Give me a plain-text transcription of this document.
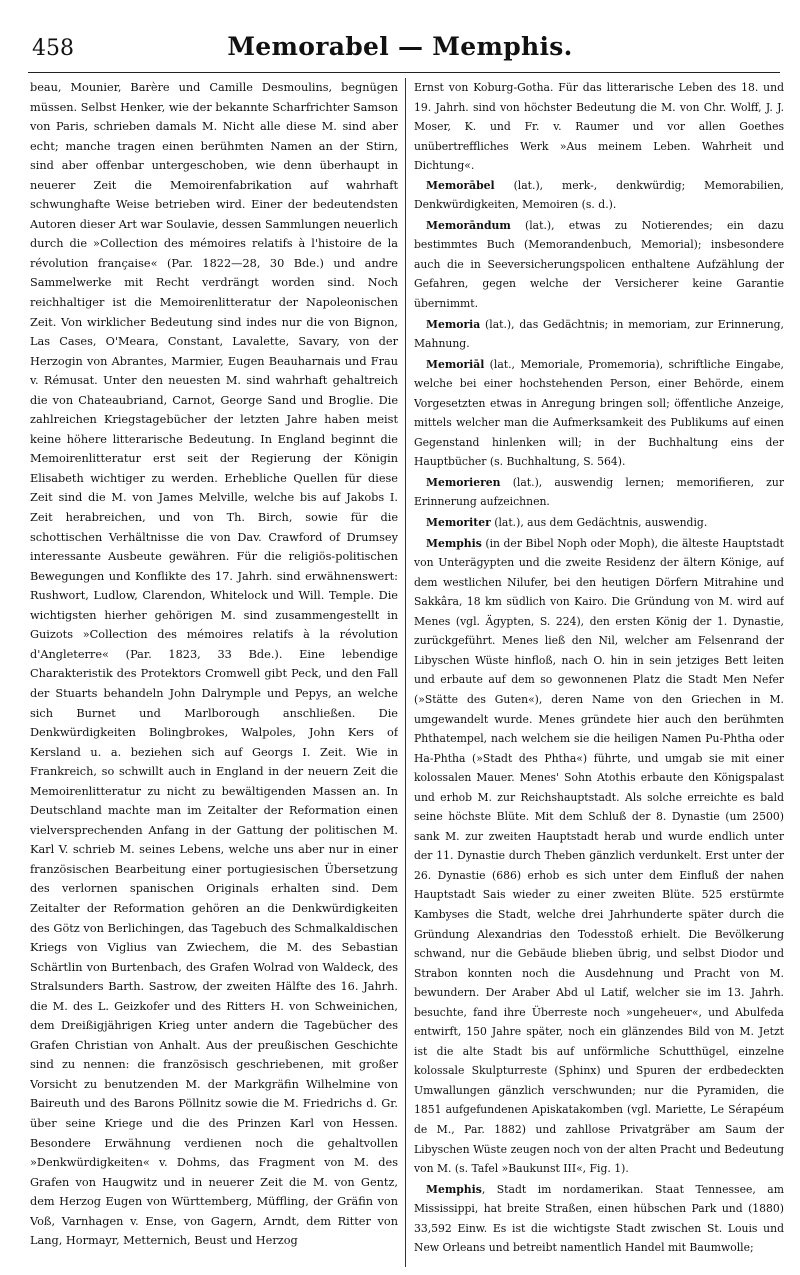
458	Memorabel — Memphis.

beau, Mounier, Barère und Camille Desmoulins, begnügen müssen. Selbst Henker, wie der bekannte Scharfrichter Samson von Paris, schrieben damals M. Nicht alle diese M. sind aber echt; manche tragen einen berühmten Namen an der Stirn, sind aber offenbar untergeschoben, wie denn überhaupt in neuerer Zeit die Memoirenfabrikation auf wahrhaft schwunghafte Weise betrieben wird. Einer der bedeutendsten Autoren dieser Art war Soulavie, dessen Sammlungen neuerlich durch die »Collection des mémoires relatifs à l'histoire de la révolution française« (Par. 1822—28, 30 Bde.) und andre Sammelwerke mit Recht verdrängt worden sind. Noch reichhaltiger ist die Memoirenlitteratur der Napoleonischen Zeit. Von wirklicher Bedeutung sind indes nur die von Bignon, Las Cases, O'Meara, Constant, Lavalette, Savary, von der Herzogin von Abrantes, Marmier, Eugen Beauharnais und Frau v. Rémusat. Unter den neuesten M. sind wahrhaft gehaltreich die von Chateaubriand, Carnot, George Sand und Broglie. Die zahlreichen Kriegstagebücher der letzten Jahre haben meist keine höhere litterarische Bedeutung. In England beginnt die Memoirenlitteratur erst seit der Regierung der Königin Elisabeth wichtiger zu werden. Erhebliche Quellen für diese Zeit sind die M. von James Melville, welche bis auf Jakobs I. Zeit herabreichen, und von Th. Birch, sowie für die schottischen Verhältnisse die von Dav. Crawford of Drumsey interessante Ausbeute gewähren. Für die religiös-politischen Bewegungen und Konflikte des 17. Jahrh. sind erwähnenswert: Rushwort, Ludlow, Clarendon, Whitelock und Will. Temple. Die wichtigsten hierher gehörigen M. sind zusammengestellt in Guizots »Collection des mémoires relatifs à la révolution d'Angleterre« (Par. 1823, 33 Bde.). Eine lebendige Charakteristik des Protektors Cromwell gibt Peck, und den Fall der Stuarts behandeln John Dalrymple und Pepys, an welche sich Burnet und Marlborough anschließen. Die Denkwürdigkeiten Bolingbrokes, Walpoles, John Kers of Kersland u. a. beziehen sich auf Georgs I. Zeit. Wie in Frankreich, so schwillt auch in England in der neuern Zeit die Memoirenlitteratur zu nicht zu bewältigenden Massen an. In Deutschland machte man im Zeitalter der Reformation einen vielversprechenden Anfang in der Gattung der politischen M. Karl V. schrieb M. seines Lebens, welche uns aber nur in einer französischen Bearbeitung einer portugiesischen Übersetzung des verlornen spanischen Originals erhalten sind. Dem Zeitalter der Reformation gehören an die Denkwürdigkeiten des Götz von Berlichingen, das Tagebuch des Schmalkaldischen Kriegs von Viglius van Zwiechem, die M. des Sebastian Schärtlin von Burtenbach, des Grafen Wolrad von Waldeck, des Stralsunders Barth. Sastrow, der zweiten Hälfte des 16. Jahrh. die M. des L. Geizkofer und des Ritters H. von Schweinichen, dem Dreißigjährigen Krieg unter andern die Tagebücher des Grafen Christian von Anhalt. Aus der preußischen Geschichte sind zu nennen: die französisch geschriebenen, mit großer Vorsicht zu benutzenden M. der Markgräfin Wilhelmine von Baireuth und des Barons Pöllnitz sowie die M. Friedrichs d. Gr. über seine Kriege und die des Prinzen Karl von Hessen. Besondere Erwähnung verdienen noch die gehaltvollen »Denkwürdigkeiten« v. Dohms, das Fragment von M. des Grafen von Haugwitz und in neuerer Zeit die M. von Gentz, dem Herzog Eugen von Württemberg, Müffling, der Gräfin von Voß, Varnhagen v. Ense, von Gagern, Arndt, dem Ritter von Lang, Hormayr, Metternich, Beust und Herzog

Ernst von Koburg-Gotha. Für das litterarische Leben des 18. und 19. Jahrh. sind von höchster Bedeutung die M. von Chr. Wolff, J. J. Moser, K. und Fr. v. Raumer und vor allen Goethes unübertreffliches Werk »Aus meinem Leben. Wahrheit und Dichtung«.

Memorābel (lat.), merk-, denkwürdig; Memorabilien, Denkwürdigkeiten, Memoiren (s. d.).

Memorāndum (lat.), etwas zu Notierendes; ein dazu bestimmtes Buch (Memorandenbuch, Memorial); insbesondere auch die in Seeversicherungspolicen enthaltene Aufzählung der Gefahren, gegen welche der Versicherer keine Garantie übernimmt.

Memoria (lat.), das Gedächtnis; in memoriam, zur Erinnerung, Mahnung.

Memoriāl (lat., Memoriale, Promemoria), schriftliche Eingabe, welche bei einer hochstehenden Person, einer Behörde, einem Vorgesetzten etwas in Anregung bringen soll; öffentliche Anzeige, mittels welcher man die Aufmerksamkeit des Publikums auf einen Gegenstand hinlenken will; in der Buchhaltung eins der Hauptbücher (s. Buchhaltung, S. 564).

Memorieren (lat.), auswendig lernen; memorifieren, zur Erinnerung aufzeichnen.

Memoriter (lat.), aus dem Gedächtnis, auswendig.

Memphis (in der Bibel Noph oder Moph), die älteste Hauptstadt von Unterägypten und die zweite Residenz der ältern Könige, auf dem westlichen Nilufer, bei den heutigen Dörfern Mitrahine und Sakkâra, 18 km südlich von Kairo. Die Gründung von M. wird auf Menes (vgl. Ägypten, S. 224), den ersten König der 1. Dynastie, zurückgeführt. Menes ließ den Nil, welcher am Felsenrand der Libyschen Wüste hinfloß, nach O. hin in sein jetziges Bett leiten und erbaute auf dem so gewonnenen Platz die Stadt Men Nefer (»Stätte des Guten«), deren Name von den Griechen in M. umgewandelt wurde. Menes gründete hier auch den berühmten Phthatempel, nach welchem sie die heiligen Namen Pu-Phtha oder Ha-Phtha (»Stadt des Phtha«) führte, und umgab sie mit einer kolossalen Mauer. Menes' Sohn Atothis erbaute den Königspalast und erhob M. zur Reichshauptstadt. Als solche erreichte es bald seine höchste Blüte. Mit dem Schluß der 8. Dynastie (um 2500) sank M. zur zweiten Hauptstadt herab und wurde endlich unter der 11. Dynastie durch Theben gänzlich verdunkelt. Erst unter der 26. Dynastie (686) erhob es sich unter dem Einfluß der nahen Hauptstadt Sais wieder zu einer zweiten Blüte. 525 erstürmte Kambyses die Stadt, welche drei Jahrhunderte später durch die Gründung Alexandrias den Todesstoß erhielt. Die Bevölkerung schwand, nur die Gebäude blieben übrig, und selbst Diodor und Strabon konnten noch die Ausdehnung und Pracht von M. bewundern. Der Araber Abd ul Latif, welcher sie im 13. Jahrh. besuchte, fand ihre Überreste noch »ungeheuer«, und Abulfeda entwirft, 150 Jahre später, noch ein glänzendes Bild von M. Jetzt ist die alte Stadt bis auf unförmliche Schutthügel, einzelne kolossale Skulpturreste (Sphinx) und Spuren der erdbedeckten Umwallungen gänzlich verschwunden; nur die Pyramiden, die 1851 aufgefundenen Apiskatakomben (vgl. Mariette, Le Sérapéum de M., Par. 1882) und zahllose Privatgräber am Saum der Libyschen Wüste zeugen noch von der alten Pracht und Bedeutung von M. (s. Tafel »Baukunst III«, Fig. 1).

Memphis, Stadt im nordamerikan. Staat Tennessee, am Mississippi, hat breite Straßen, einen hübschen Park und (1880) 33,592 Einw. Es ist die wichtigste Stadt zwischen St. Louis und New Orleans und betreibt namentlich Handel mit Baumwolle;
